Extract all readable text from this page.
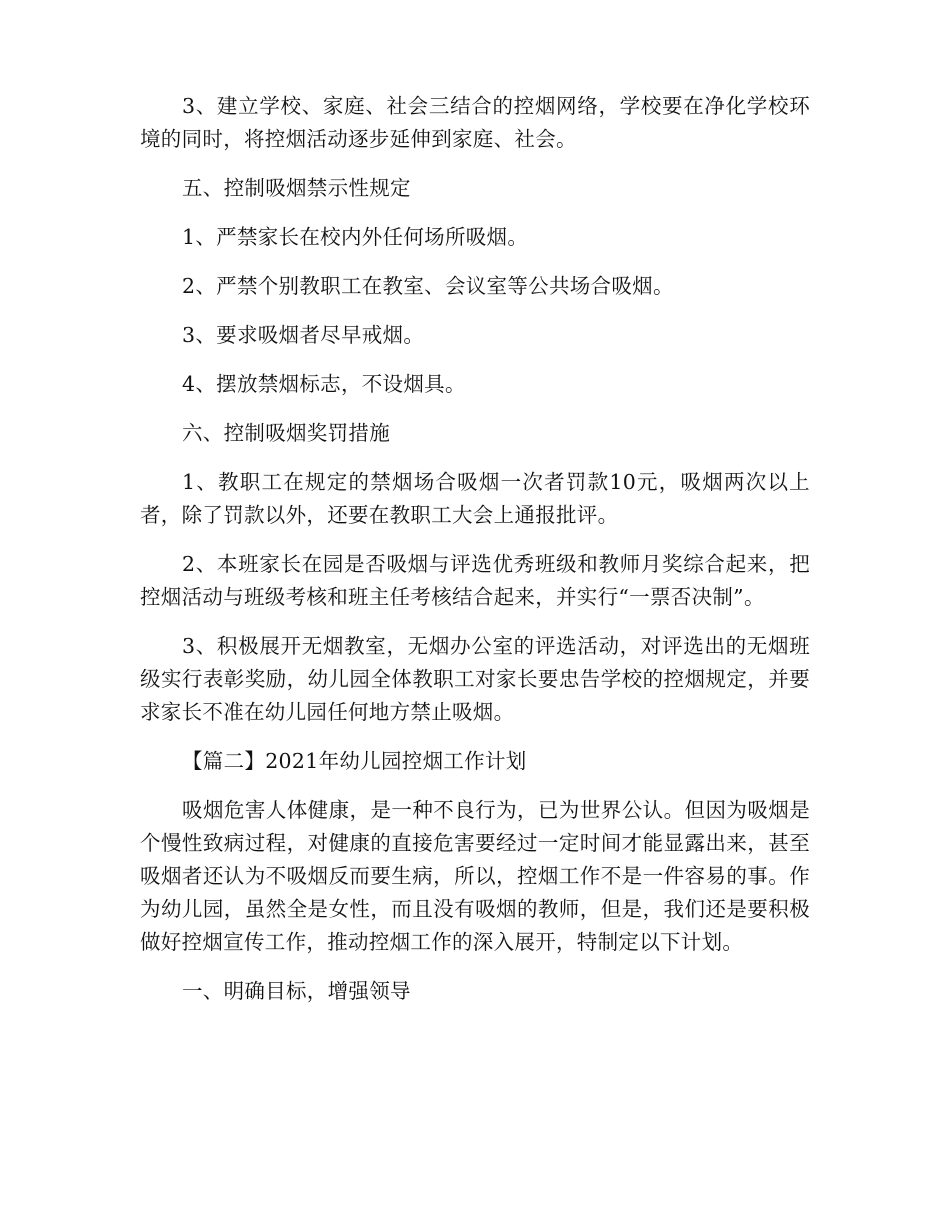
3、建立学校、家庭、社会三结合的控烟网络，学校要在净化学校环境的同时，将控烟活动逐步延伸到家庭、社会。

五、控制吸烟禁示性规定

1、严禁家长在校内外任何场所吸烟。

2、严禁个别教职工在教室、会议室等公共场合吸烟。

3、要求吸烟者尽早戒烟。

4、摆放禁烟标志，不设烟具。

六、控制吸烟奖罚措施

1、教职工在规定的禁烟场合吸烟一次者罚款10元，吸烟两次以上者，除了罚款以外，还要在教职工大会上通报批评。

2、本班家长在园是否吸烟与评选优秀班级和教师月奖综合起来，把控烟活动与班级考核和班主任考核结合起来，并实行“一票否决制”。

3、积极展开无烟教室，无烟办公室的评选活动，对评选出的无烟班级实行表彰奖励，幼儿园全体教职工对家长要忠告学校的控烟规定，并要求家长不准在幼儿园任何地方禁止吸烟。

【篇二】2021年幼儿园控烟工作计划

吸烟危害人体健康，是一种不良行为，已为世界公认。但因为吸烟是个慢性致病过程，对健康的直接危害要经过一定时间才能显露出来，甚至吸烟者还认为不吸烟反而要生病，所以，控烟工作不是一件容易的事。作为幼儿园，虽然全是女性，而且没有吸烟的教师，但是，我们还是要积极做好控烟宣传工作，推动控烟工作的深入展开，特制定以下计划。

一、明确目标，增强领导
